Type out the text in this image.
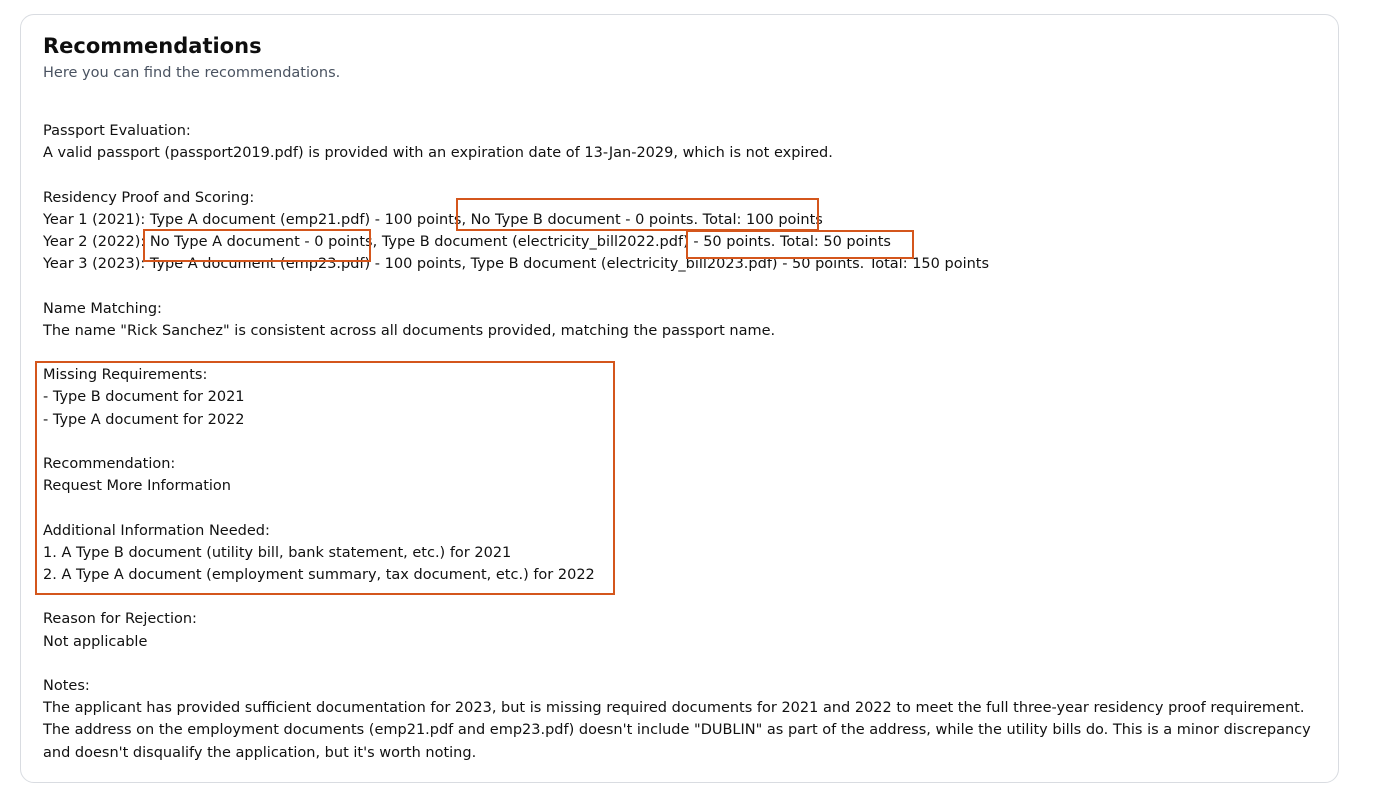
Recommendations

Here you can find the recommendations.

Passport Evaluation:
A valid passport (passport2019.pdf) is provided with an expiration date of 13-Jan-2029, which is not expired.
Residency Proof and Scoring:
Year 1 (2021): Type A document (emp21.pdf) - 100 points, No Type B document - 0 points. Total: 100 points
Year 2 (2022): No Type A document - 0 points, Type B document (electricity_bill2022.pdf) - 50 points. Total: 50 points
Year 3 (2023): Type A document (emp23.pdf) - 100 points, Type B document (electricity_bill2023.pdf) - 50 points. Total: 150 points
Name Matching:
The name "Rick Sanchez" is consistent across all documents provided, matching the passport name.
Missing Requirements:
- Type B document for 2021
- Type A document for 2022
Recommendation:
Request More Information
Additional Information Needed:
1. A Type B document (utility bill, bank statement, etc.) for 2021
2. A Type A document (employment summary, tax document, etc.) for 2022
Reason for Rejection:
Not applicable
Notes:
The applicant has provided sufficient documentation for 2023, but is missing required documents for 2021 and 2022 to meet the full three-year residency proof requirement. The address on the employment documents (emp21.pdf and emp23.pdf) doesn't include "DUBLIN" as part of the address, while the utility bills do. This is a minor discrepancy and doesn't disqualify the application, but it's worth noting.
